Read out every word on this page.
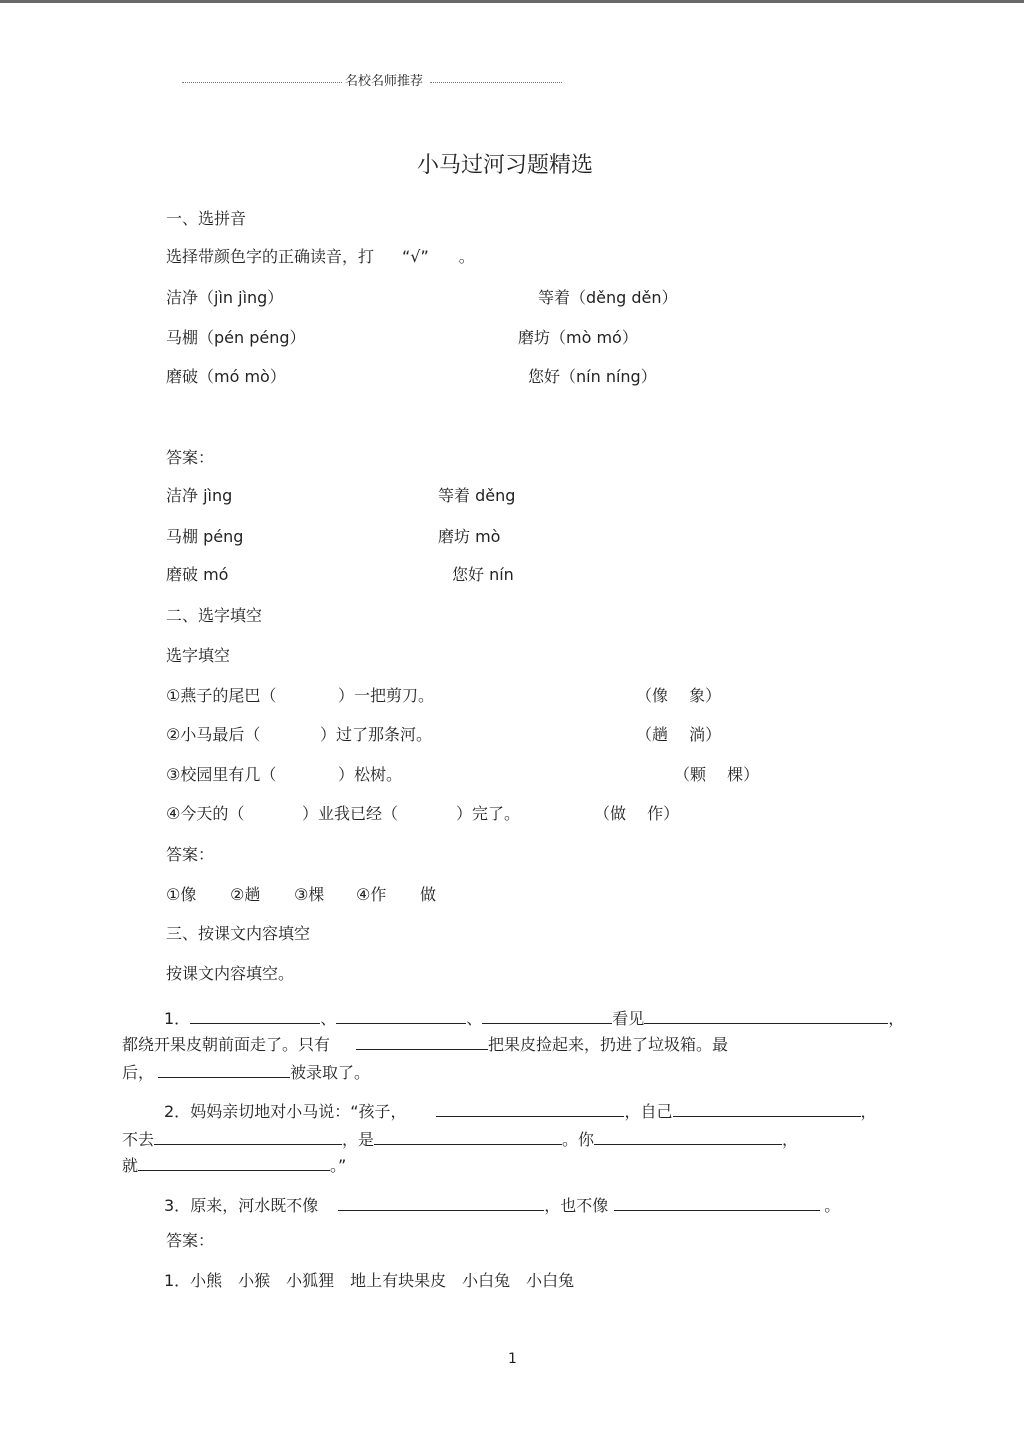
名校名师推荐
小马过河习题精选
一、选拼音
选择带颜色字的正确读音，打 “√” 。
洁净（jìn jìng）	等着（děng děn）
马棚（pén péng）	磨坊（mò mó）
磨破（mó mò）	您好（nín níng）
答案：
洁净 jìng	等着 děng
马棚 péng	磨坊 mò
磨破 mó	您好 nín
二、选字填空
选字填空
①燕子的尾巴（	）一把剪刀。	（像　 象）
②小马最后（	）过了那条河。	（趟　 淌）
③校园里有几（	）松树。	（颗　 棵）
④今天的（	）业我已经（	）完了。	（做　 作）
答案：
①像 ②趟 ③棵 ④作 做
三、按课文内容填空
按课文内容填空。
1．	、	、	看见	，
都绕开果皮朝前面走了。只有	把果皮捡起来，扔进了垃圾箱。最
后，	被录取了。
2．妈妈亲切地对小马说：“孩子，	，自己	，
不去	，是	。你	，
就	。”
3．原来，河水既不像	，也不像	。
答案：
1．小熊　小猴　小狐狸　地上有块果皮　小白兔　小白兔
1
